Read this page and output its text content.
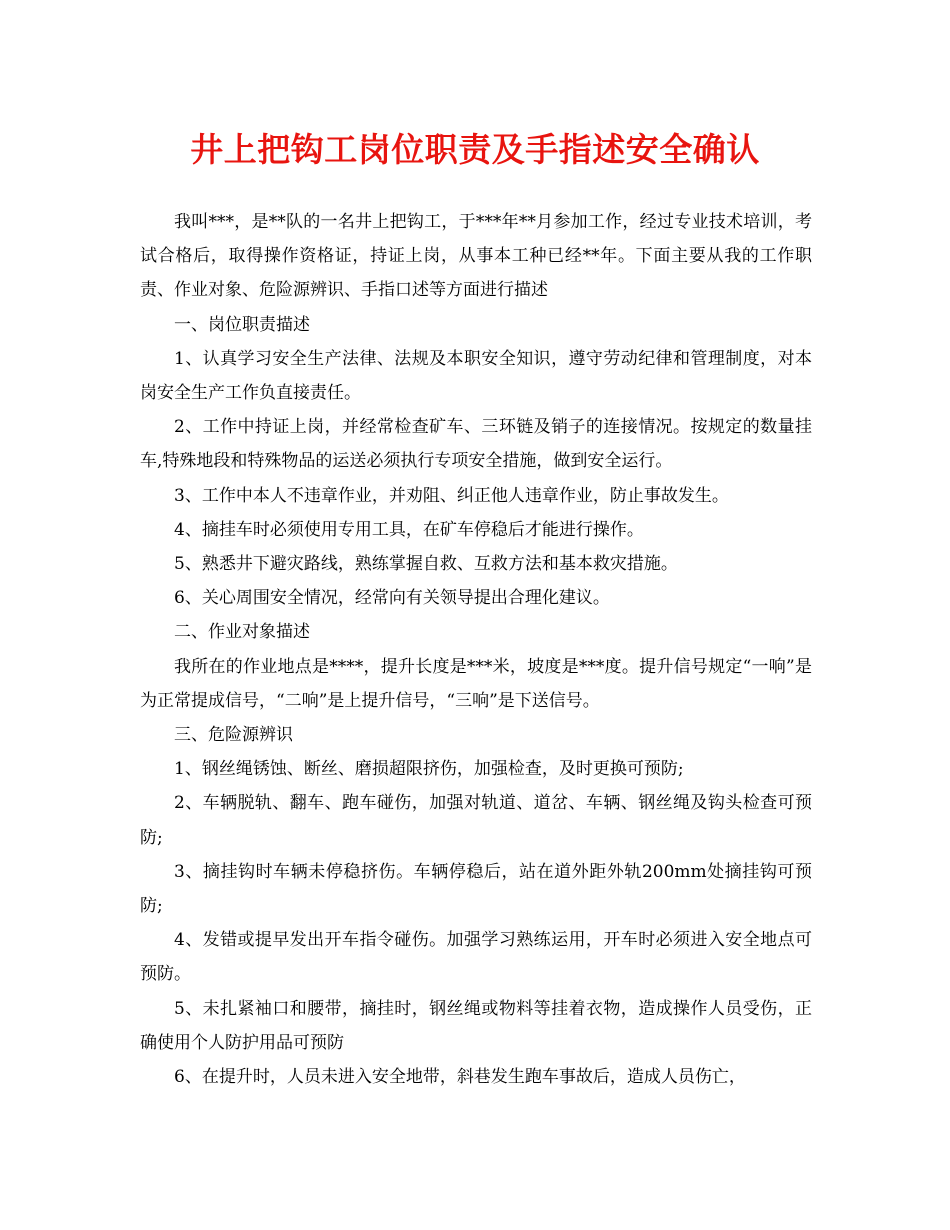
井上把钩工岗位职责及手指述安全确认

我叫***，是**队的一名井上把钩工，于***年**月参加工作，经过专业技术培训，考试合格后，取得操作资格证，持证上岗，从事本工种已经**年。下面主要从我的工作职责、作业对象、危险源辨识、手指口述等方面进行描述

一、岗位职责描述

1、认真学习安全生产法律、法规及本职安全知识，遵守劳动纪律和管理制度，对本岗安全生产工作负直接责任。

2、工作中持证上岗，并经常检查矿车、三环链及销子的连接情况。按规定的数量挂车,特殊地段和特殊物品的运送必须执行专项安全措施，做到安全运行。

3、工作中本人不违章作业，并劝阻、纠正他人违章作业，防止事故发生。

4、摘挂车时必须使用专用工具，在矿车停稳后才能进行操作。

5、熟悉井下避灾路线，熟练掌握自救、互救方法和基本救灾措施。

6、关心周围安全情况，经常向有关领导提出合理化建议。

二、作业对象描述

我所在的作业地点是****，提升长度是***米，坡度是***度。提升信号规定“一响”是为正常提成信号，“二响”是上提升信号，“三响”是下送信号。

三、危险源辨识

1、钢丝绳锈蚀、断丝、磨损超限挤伤，加强检查，及时更换可预防;

2、车辆脱轨、翻车、跑车碰伤，加强对轨道、道岔、车辆、钢丝绳及钩头检查可预防;

3、摘挂钩时车辆未停稳挤伤。车辆停稳后，站在道外距外轨200mm处摘挂钩可预防;

4、发错或提早发出开车指令碰伤。加强学习熟练运用，开车时必须进入安全地点可预防。

5、未扎紧袖口和腰带，摘挂时，钢丝绳或物料等挂着衣物，造成操作人员受伤，正确使用个人防护用品可预防

6、在提升时，人员未进入安全地带，斜巷发生跑车事故后，造成人员伤亡，
